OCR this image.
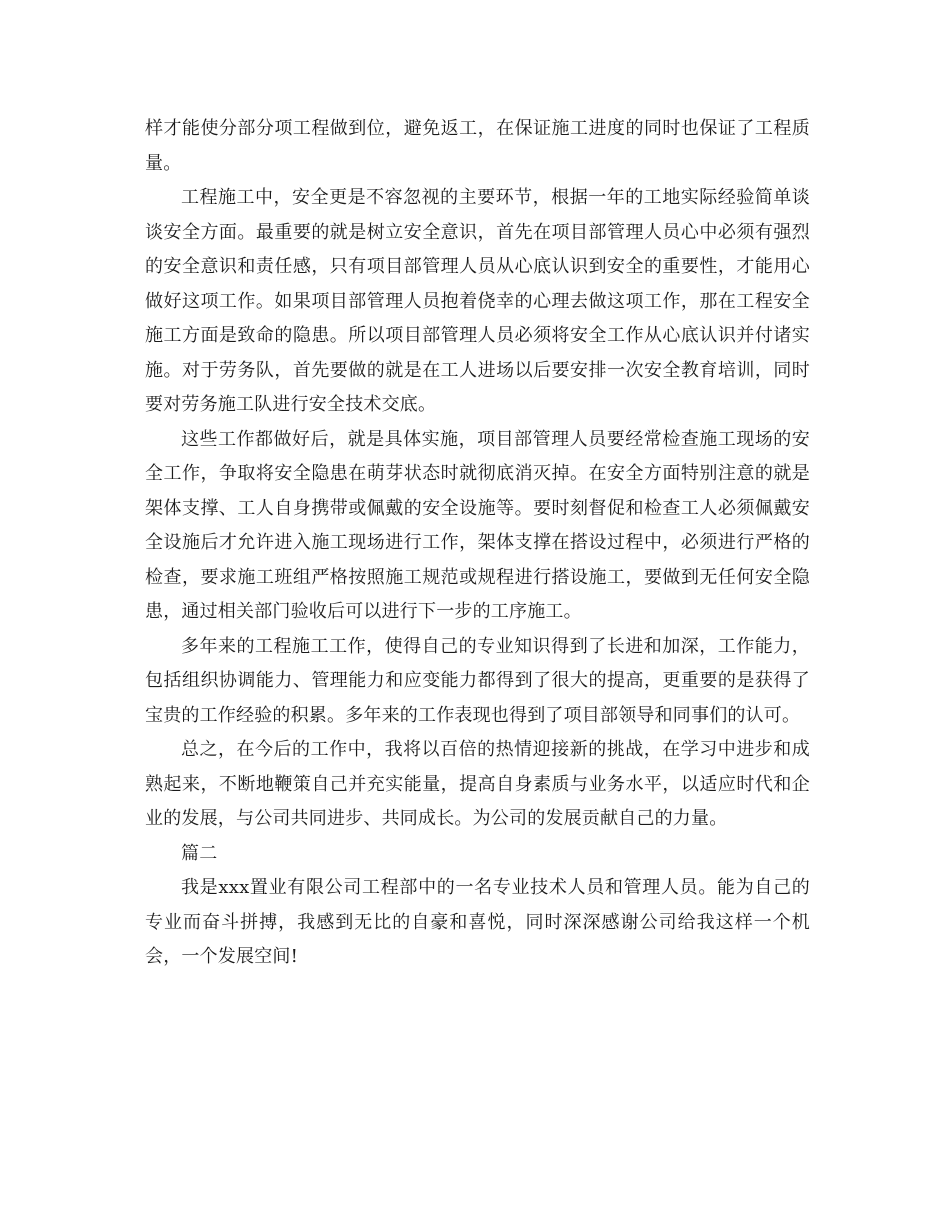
样才能使分部分项工程做到位，避免返工，在保证施工进度的同时也保证了工程质量。

工程施工中，安全更是不容忽视的主要环节，根据一年的工地实际经验简单谈谈安全方面。最重要的就是树立安全意识，首先在项目部管理人员心中必须有强烈的安全意识和责任感，只有项目部管理人员从心底认识到安全的重要性，才能用心做好这项工作。如果项目部管理人员抱着侥幸的心理去做这项工作，那在工程安全施工方面是致命的隐患。所以项目部管理人员必须将安全工作从心底认识并付诸实施。对于劳务队，首先要做的就是在工人进场以后要安排一次安全教育培训，同时要对劳务施工队进行安全技术交底。

这些工作都做好后，就是具体实施，项目部管理人员要经常检查施工现场的安全工作，争取将安全隐患在萌芽状态时就彻底消灭掉。在安全方面特别注意的就是架体支撑、工人自身携带或佩戴的安全设施等。要时刻督促和检查工人必须佩戴安全设施后才允许进入施工现场进行工作，架体支撑在搭设过程中，必须进行严格的检查，要求施工班组严格按照施工规范或规程进行搭设施工，要做到无任何安全隐患，通过相关部门验收后可以进行下一步的工序施工。

多年来的工程施工工作，使得自己的专业知识得到了长进和加深，工作能力，包括组织协调能力、管理能力和应变能力都得到了很大的提高，更重要的是获得了宝贵的工作经验的积累。多年来的工作表现也得到了项目部领导和同事们的认可。

总之，在今后的工作中，我将以百倍的热情迎接新的挑战，在学习中进步和成熟起来，不断地鞭策自己并充实能量，提高自身素质与业务水平，以适应时代和企业的发展，与公司共同进步、共同成长。为公司的发展贡献自己的力量。

篇二

我是xxx置业有限公司工程部中的一名专业技术人员和管理人员。能为自己的专业而奋斗拼搏，我感到无比的自豪和喜悦，同时深深感谢公司给我这样一个机会，一个发展空间!
